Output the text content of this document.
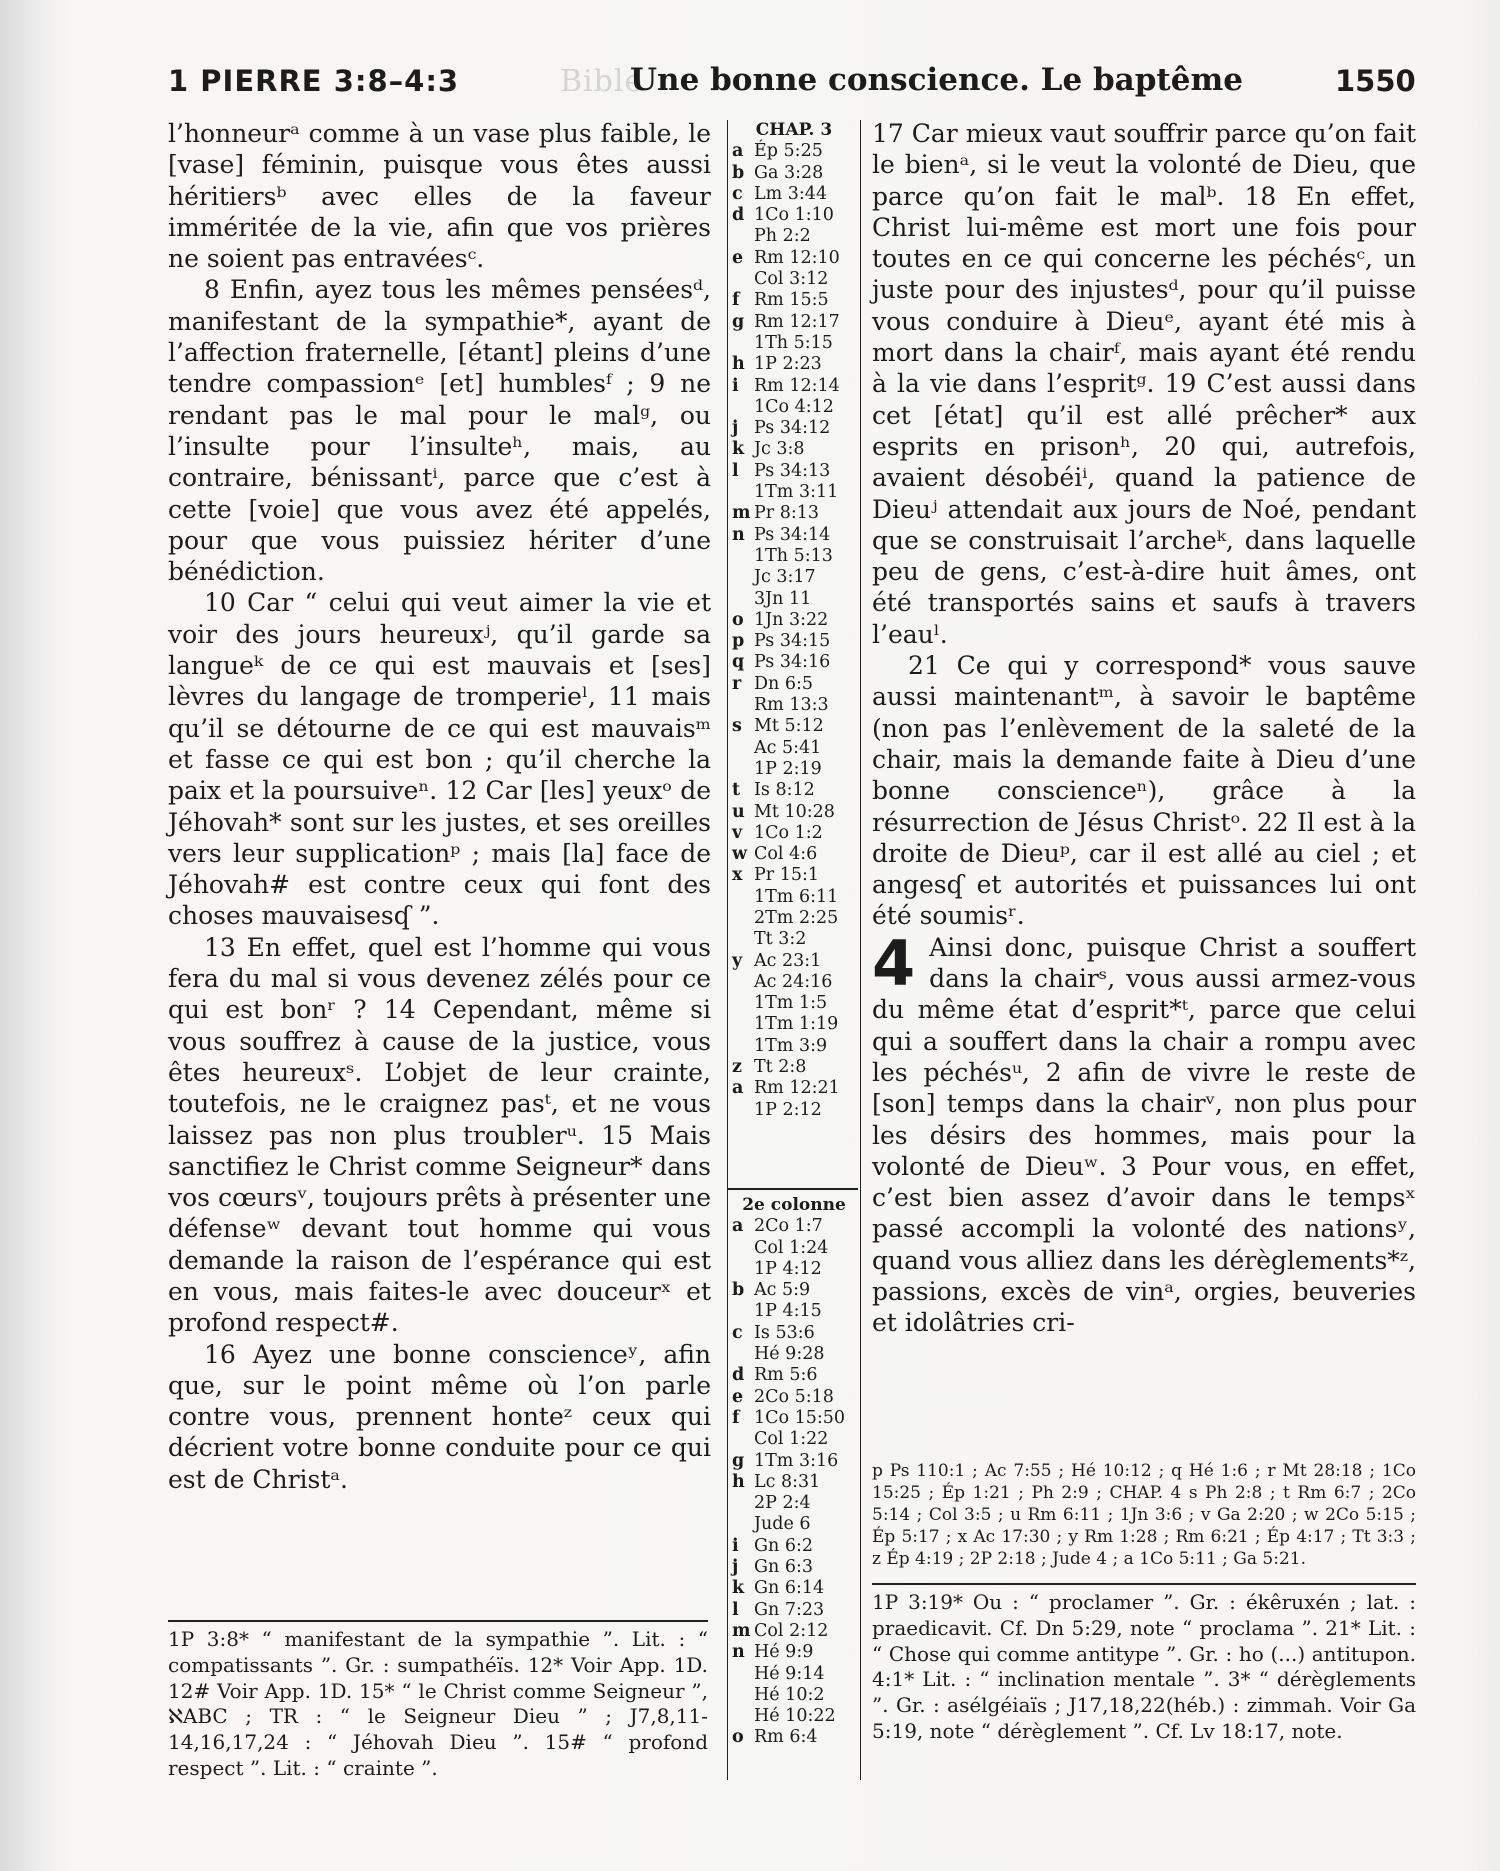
Bible
1 PIERRE 3:8–4:3	Une bonne conscience. Le baptême	1550

l’honneurᵃ comme à un vase plus faible, le [vase] féminin, puisque vous êtes aussi héritiersᵇ avec elles de la faveur imméritée de la vie, afin que vos prières ne soient pas entravéesᶜ.

8 Enfin, ayez tous les mêmes penséesᵈ, manifestant de la sympathie*, ayant de l’affection fraternelle, [étant] pleins d’une tendre compassionᵉ [et] humblesᶠ ; 9 ne rendant pas le mal pour le malᵍ, ou l’insulte pour l’insulteʰ, mais, au contraire, bénissantⁱ, parce que c’est à cette [voie] que vous avez été appelés, pour que vous puissiez hériter d’une bénédiction.

10 Car “ celui qui veut aimer la vie et voir des jours heureuxʲ, qu’il garde sa langueᵏ de ce qui est mauvais et [ses] lèvres du langage de tromperieˡ, 11 mais qu’il se détourne de ce qui est mauvaisᵐ et fasse ce qui est bon ; qu’il cherche la paix et la poursuiveⁿ. 12 Car [les] yeuxᵒ de Jéhovah* sont sur les justes, et ses oreilles vers leur supplicationᵖ ; mais [la] face de Jéhovah# est contre ceux qui font des choses mauvaisesʠ ”.

13 En effet, quel est l’homme qui vous fera du mal si vous devenez zélés pour ce qui est bonʳ ? 14 Cependant, même si vous souffrez à cause de la justice, vous êtes heureuxˢ. L’objet de leur crainte, toutefois, ne le craignez pasᵗ, et ne vous laissez pas non plus troublerᵘ. 15 Mais sanctifiez le Christ comme Seigneur* dans vos cœursᵛ, toujours prêts à présenter une défenseʷ devant tout homme qui vous demande la raison de l’espérance qui est en vous, mais faites-le avec douceurˣ et profond respect#.

16 Ayez une bonne conscienceʸ, afin que, sur le point même où l’on parle contre vous, prennent honteᶻ ceux qui décrient votre bonne conduite pour ce qui est de Christᵃ.

CHAP. 3
a Ép 5:25
b Ga 3:28
c Lm 3:44
d 1Co 1:10
Ph 2:2
e Rm 12:10
Col 3:12
f Rm 15:5
g Rm 12:17
1Th 5:15
h 1P 2:23
i Rm 12:14
1Co 4:12
j Ps 34:12
k Jc 3:8
l Ps 34:13
1Tm 3:11
m Pr 8:13
n Ps 34:14
1Th 5:13
Jc 3:17
3Jn 11
o 1Jn 3:22
p Ps 34:15
q Ps 34:16
r Dn 6:5
Rm 13:3
s Mt 5:12
Ac 5:41
1P 2:19
t Is 8:12
u Mt 10:28
v 1Co 1:2
w Col 4:6
x Pr 15:1
1Tm 6:11
2Tm 2:25
Tt 3:2
y Ac 23:1
Ac 24:16
1Tm 1:5
1Tm 1:19
1Tm 3:9
z Tt 2:8
a Rm 12:21
1P 2:12
2e colonne
a 2Co 1:7
Col 1:24
1P 4:12
b Ac 5:9
1P 4:15
c Is 53:6
Hé 9:28
d Rm 5:6
e 2Co 5:18
f 1Co 15:50
Col 1:22
g 1Tm 3:16
h Lc 8:31
2P 2:4
Jude 6
i Gn 6:2
j Gn 6:3
k Gn 6:14
l Gn 7:23
m Col 2:12
n Hé 9:9
Hé 9:14
Hé 10:2
Hé 10:22
o Rm 6:4

17 Car mieux vaut souffrir parce qu’on fait le bienᵃ, si le veut la volonté de Dieu, que parce qu’on fait le malᵇ. 18 En effet, Christ lui-même est mort une fois pour toutes en ce qui concerne les péchésᶜ, un juste pour des injustesᵈ, pour qu’il puisse vous conduire à Dieuᵉ, ayant été mis à mort dans la chairᶠ, mais ayant été rendu à la vie dans l’espritᵍ. 19 C’est aussi dans cet [état] qu’il est allé prêcher* aux esprits en prisonʰ, 20 qui, autrefois, avaient désobéiⁱ, quand la patience de Dieuʲ attendait aux jours de Noé, pendant que se construisait l’archeᵏ, dans laquelle peu de gens, c’est-à-dire huit âmes, ont été transportés sains et saufs à travers l’eauˡ.

21 Ce qui y correspond* vous sauve aussi maintenantᵐ, à savoir le baptême (non pas l’enlèvement de la saleté de la chair, mais la demande faite à Dieu d’une bonne conscienceⁿ), grâce à la résurrection de Jésus Christᵒ. 22 Il est à la droite de Dieuᵖ, car il est allé au ciel ; et angesʠ et autorités et puissances lui ont été soumisʳ.

4 Ainsi donc, puisque Christ a souffert dans la chairˢ, vous aussi armez-vous du même état d’esprit*ᵗ, parce que celui qui a souffert dans la chair a rompu avec les péchésᵘ, 2 afin de vivre le reste de [son] temps dans la chairᵛ, non plus pour les désirs des hommes, mais pour la volonté de Dieuʷ. 3 Pour vous, en effet, c’est bien assez d’avoir dans le tempsˣ passé accompli la volonté des nationsʸ, quand vous alliez dans les dérèglements*ᶻ, passions, excès de vinᵃ, orgies, beuveries et idolâtries cri-

p Ps 110:1 ; Ac 7:55 ; Hé 10:12 ; q Hé 1:6 ; r Mt 28:18 ; 1Co 15:25 ; Ép 1:21 ; Ph 2:9 ; CHAP. 4 s Ph 2:8 ; t Rm 6:7 ; 2Co 5:14 ; Col 3:5 ; u Rm 6:11 ; 1Jn 3:6 ; v Ga 2:20 ; w 2Co 5:15 ; Ép 5:17 ; x Ac 17:30 ; y Rm 1:28 ; Rm 6:21 ; Ép 4:17 ; Tt 3:3 ; z Ép 4:19 ; 2P 2:18 ; Jude 4 ; a 1Co 5:11 ; Ga 5:21.
1P 3:8* “ manifestant de la sympathie ”. Lit. : “ compatissants ”. Gr. : sumpathéïs. 12* Voir App. 1D. 12# Voir App. 1D. 15* “ le Christ comme Seigneur ”, ℵABC ; TR : “ le Seigneur Dieu ” ; J7,8,11-14,16,17,24 : “ Jéhovah Dieu ”. 15# “ profond respect ”. Lit. : “ crainte ”.
1P 3:19* Ou : “ proclamer ”. Gr. : ékêruxén ; lat. : praedicavit. Cf. Dn 5:29, note “ proclama ”. 21* Lit. : “ Chose qui comme antitype ”. Gr. : ho (...) antitupon. 4:1* Lit. : “ inclination mentale ”. 3* “ dérèglements ”. Gr. : asélgéiaïs ; J17,18,22(héb.) : zimmah. Voir Ga 5:19, note “ dérèglement ”. Cf. Lv 18:17, note.
